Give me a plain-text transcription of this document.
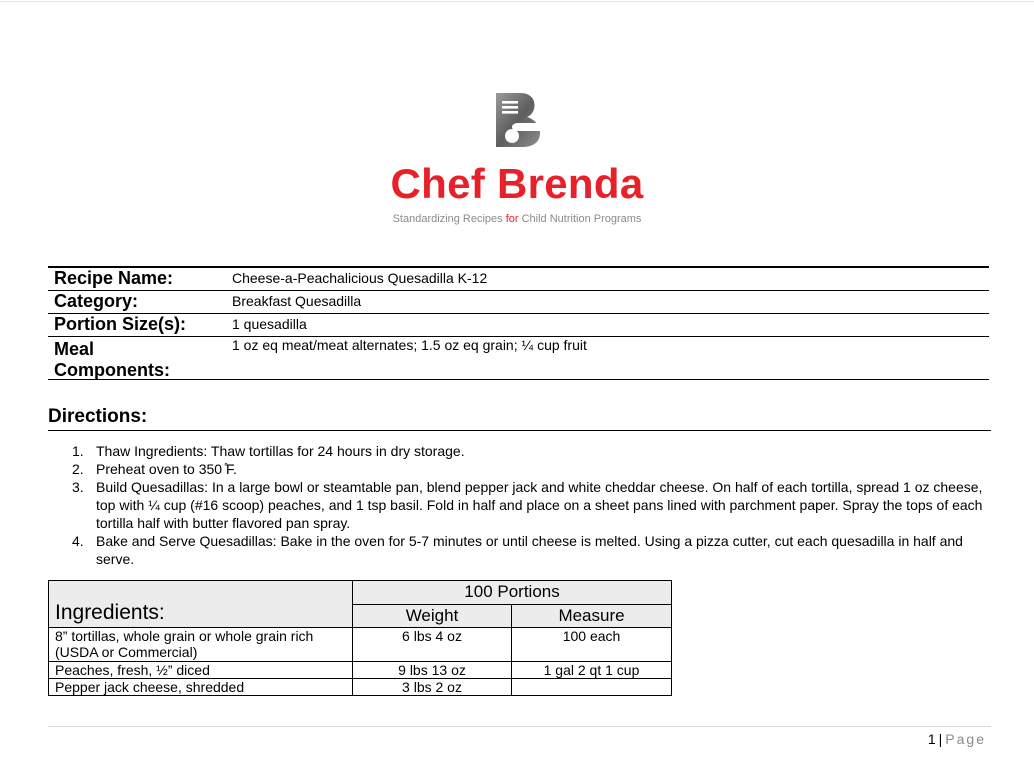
Chef Brenda
Standardizing Recipes for Child Nutrition Programs
Recipe Name:	Cheese-a-Peachalicious Quesadilla K-12
Category:	Breakfast Quesadilla
Portion Size(s):	1 quesadilla
Meal
Components:
1 oz eq meat/meat alternates; 1.5 oz eq grain; ¼ cup fruit
Directions:
1. Thaw Ingredients: Thaw tortillas for 24 hours in dry storage.
2. Preheat oven to 350 ̊F.
3. Build Quesadillas: In a large bowl or steamtable pan, blend pepper jack and white cheddar cheese. On half of each tortilla, spread 1 oz cheese, top with ¼ cup (#16 scoop) peaches, and 1 tsp basil. Fold in half and place on a sheet pans lined with parchment paper. Spray the tops of each tortilla half with butter flavored pan spray.
4. Bake and Serve Quesadillas: Bake in the oven for 5-7 minutes or until cheese is melted. Using a pizza cutter, cut each quesadilla in half and serve.
Ingredients:	100 Portions	
	Weight	Measure
8” tortillas, whole grain or whole grain rich (USDA or Commercial)	6 lbs 4 oz	100 each
Peaches, fresh, ½” diced	9 lbs 13 oz	1 gal 2 qt 1 cup
Pepper jack cheese, shredded	3 lbs 2 oz	
1 | Page
